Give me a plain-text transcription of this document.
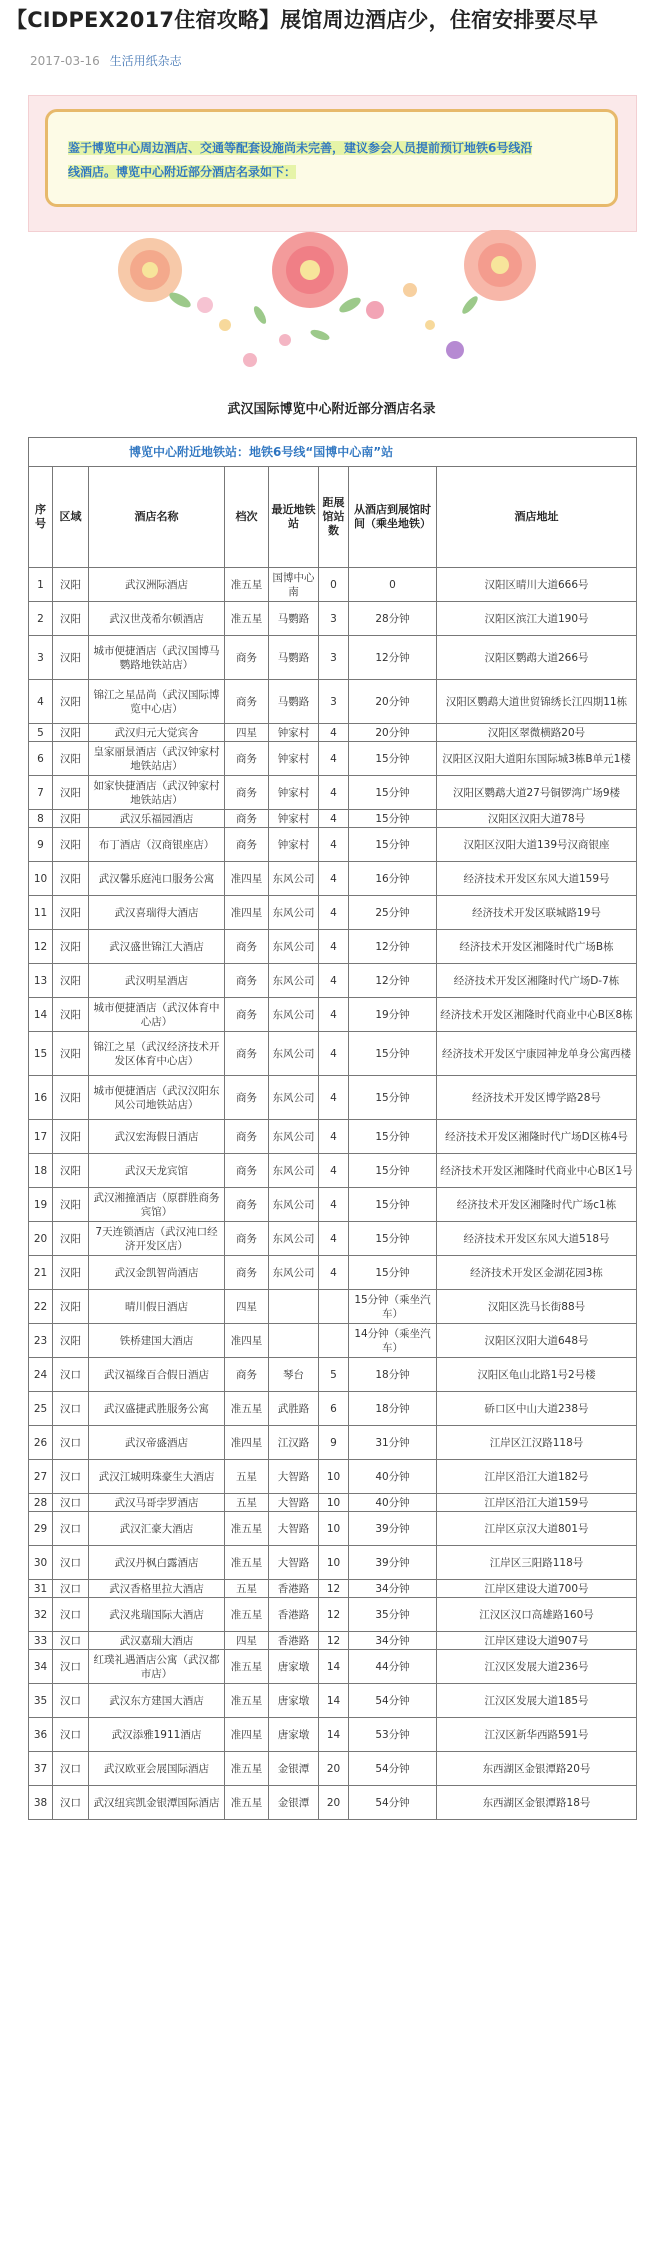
【CIDPEX2017住宿攻略】展馆周边酒店少，住宿安排要尽早
2017-03-16 生活用纸杂志
鉴于博览中心周边酒店、交通等配套设施尚未完善，建议参会人员提前预订地铁6号线沿
线酒店。博览中心附近部分酒店名录如下：
武汉国际博览中心附近部分酒店名录
博览中心附近地铁站：地铁6号线“国博中心南”站							
序号	区域	酒店名称	档次	最近地铁站	距展馆站数	从酒店到展馆时间（乘坐地铁）	酒店地址
1	汉阳	武汉洲际酒店	准五星	国博中心南	0	0	汉阳区晴川大道666号
2	汉阳	武汉世茂希尔顿酒店	准五星	马鹦路	3	28分钟	汉阳区滨江大道190号
3	汉阳	城市便捷酒店（武汉国博马鹦路地铁站店）	商务	马鹦路	3	12分钟	汉阳区鹦鹉大道266号
4	汉阳	锦江之星品尚（武汉国际博览中心店）	商务	马鹦路	3	20分钟	汉阳区鹦鹉大道世贸锦绣长江四期11栋
5	汉阳	武汉归元大觉宾舍	四星	钟家村	4	20分钟	汉阳区翠微横路20号
6	汉阳	皇家丽景酒店（武汉钟家村地铁站店）	商务	钟家村	4	15分钟	汉阳区汉阳大道阳东国际城3栋B单元1楼
7	汉阳	如家快捷酒店（武汉钟家村地铁站店）	商务	钟家村	4	15分钟	汉阳区鹦鹉大道27号铜锣湾广场9楼
8	汉阳	武汉乐福园酒店	商务	钟家村	4	15分钟	汉阳区汉阳大道78号
9	汉阳	布丁酒店（汉商银座店）	商务	钟家村	4	15分钟	汉阳区汉阳大道139号汉商银座
10	汉阳	武汉馨乐庭沌口服务公寓	准四星	东风公司	4	16分钟	经济技术开发区东风大道159号
11	汉阳	武汉喜瑞得大酒店	准四星	东风公司	4	25分钟	经济技术开发区联城路19号
12	汉阳	武汉盛世锦江大酒店	商务	东风公司	4	12分钟	经济技术开发区湘隆时代广场B栋
13	汉阳	武汉明星酒店	商务	东风公司	4	12分钟	经济技术开发区湘隆时代广场D-7栋
14	汉阳	城市便捷酒店（武汉体育中心店）	商务	东风公司	4	19分钟	经济技术开发区湘隆时代商业中心B区8栋
15	汉阳	锦江之星（武汉经济技术开发区体育中心店）	商务	东风公司	4	15分钟	经济技术开发区宁康园神龙单身公寓西楼
16	汉阳	城市便捷酒店（武汉汉阳东风公司地铁站店）	商务	东风公司	4	15分钟	经济技术开发区博学路28号
17	汉阳	武汉宏海假日酒店	商务	东风公司	4	15分钟	经济技术开发区湘隆时代广场D区栋4号
18	汉阳	武汉天龙宾馆	商务	东风公司	4	15分钟	经济技术开发区湘隆时代商业中心B区1号
19	汉阳	武汉湘撞酒店（原群胜商务宾馆）	商务	东风公司	4	15分钟	经济技术开发区湘隆时代广场c1栋
20	汉阳	7天连锁酒店（武汉沌口经济开发区店）	商务	东风公司	4	15分钟	经济技术开发区东风大道518号
21	汉阳	武汉金凯智尚酒店	商务	东风公司	4	15分钟	经济技术开发区金湖花园3栋
22	汉阳	晴川假日酒店	四星			15分钟（乘坐汽车）	汉阳区洗马长街88号
23	汉阳	铁桥建国大酒店	准四星			14分钟（乘坐汽车）	汉阳区汉阳大道648号
24	汉口	武汉福缘百合假日酒店	商务	琴台	5	18分钟	汉阳区龟山北路1号2号楼
25	汉口	武汉盛捷武胜服务公寓	准五星	武胜路	6	18分钟	硚口区中山大道238号
26	汉口	武汉帝盛酒店	准四星	江汉路	9	31分钟	江岸区江汉路118号
27	汉口	武汉江城明珠豪生大酒店	五星	大智路	10	40分钟	江岸区沿江大道182号
28	汉口	武汉马哥孛罗酒店	五星	大智路	10	40分钟	江岸区沿江大道159号
29	汉口	武汉汇豪大酒店	准五星	大智路	10	39分钟	江岸区京汉大道801号
30	汉口	武汉丹枫白露酒店	准五星	大智路	10	39分钟	江岸区三阳路118号
31	汉口	武汉香格里拉大酒店	五星	香港路	12	34分钟	江岸区建设大道700号
32	汉口	武汉兆瑞国际大酒店	准五星	香港路	12	35分钟	江汉区汉口高雄路160号
33	汉口	武汉嘉瑞大酒店	四星	香港路	12	34分钟	江岸区建设大道907号
34	汉口	红璞礼遇酒店公寓（武汉都市店）	准五星	唐家墩	14	44分钟	江汉区发展大道236号
35	汉口	武汉东方建国大酒店	准五星	唐家墩	14	54分钟	江汉区发展大道185号
36	汉口	武汉添雅1911酒店	准四星	唐家墩	14	53分钟	江汉区新华西路591号
37	汉口	武汉欧亚会展国际酒店	准五星	金银潭	20	54分钟	东西湖区金银潭路20号
38	汉口	武汉纽宾凯金银潭国际酒店	准五星	金银潭	20	54分钟	东西湖区金银潭路18号
